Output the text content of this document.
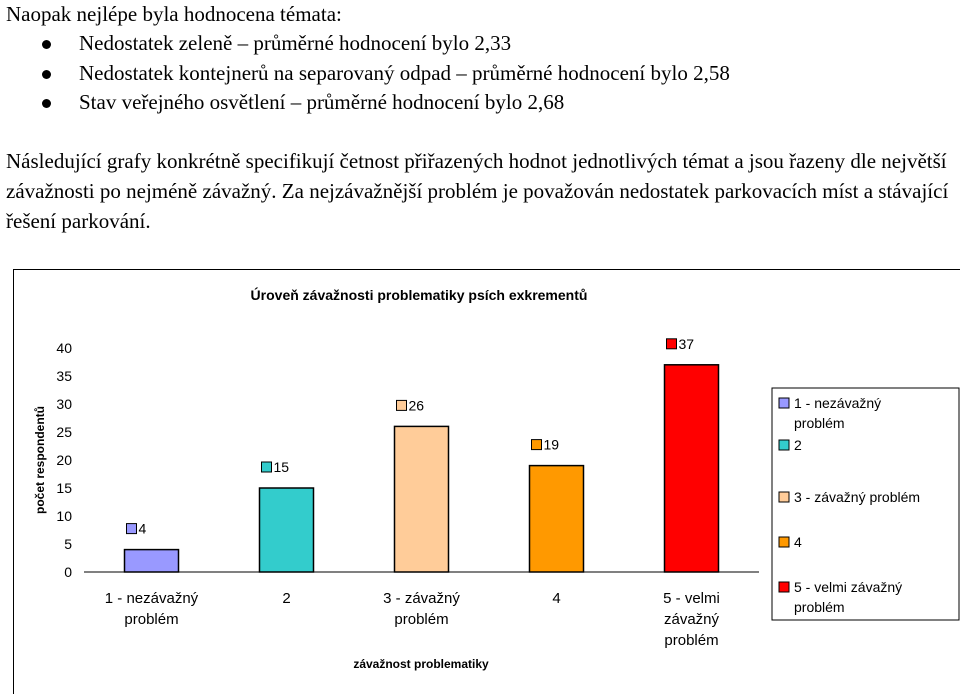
Naopak nejlépe byla hodnocena témata:
Nedostatek zeleně – průměrné hodnocení bylo 2,33
Nedostatek kontejnerů na separovaný odpad – průměrné hodnocení bylo 2,58
Stav veřejného osvětlení – průměrné hodnocení bylo 2,68

Následující grafy konkrétně specifikují četnost přiřazených hodnot jednotlivých témat a jsou řazeny dle největší závažnosti po nejméně závažný. Za nejzávažnější problém je považován nedostatek parkovacích míst a stávající řešení parkování.

Úroveň závažnosti problematiky psích exkrementů
počet respondentů
0
5
10
15
20
25
30
35
40
4
1 - nezávažný
problém
15
2
26
3 - závažný
problém
19
4
37
5 - velmi
závažný
problém
závažnost problematiky
1 - nezávažný
problém
2
3 - závažný problém
4
5 - velmi závažný
problém
